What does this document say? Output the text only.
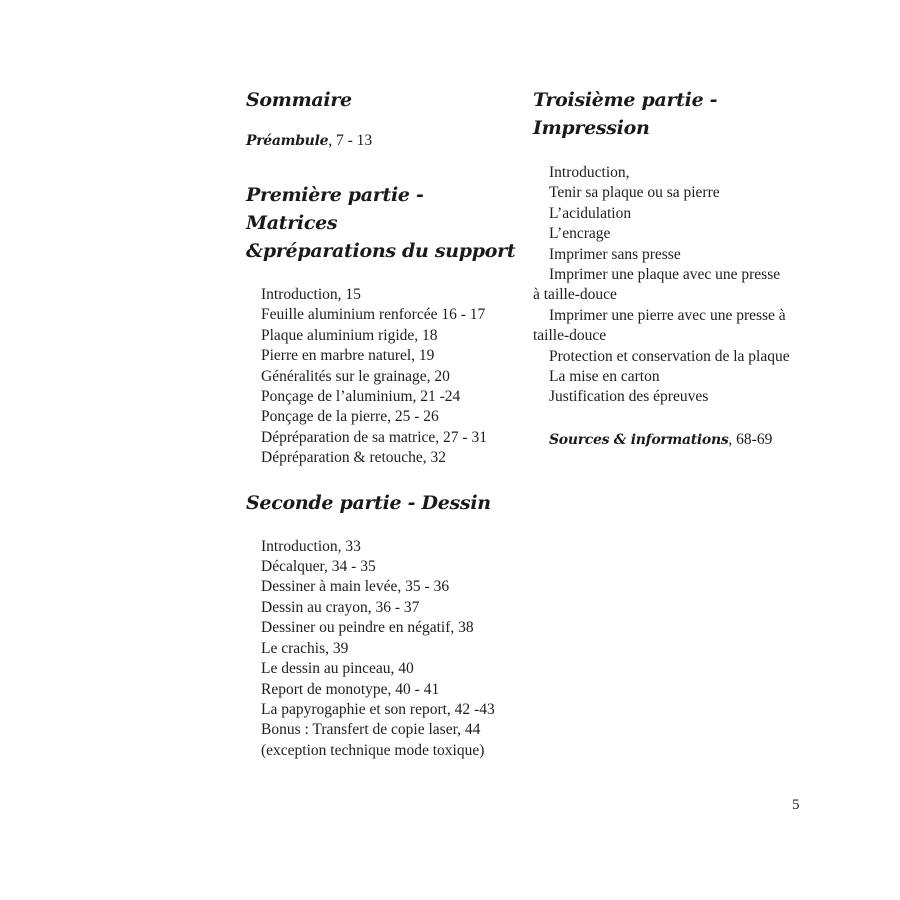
Sommaire
Préambule, 7 - 13
Première partie - Matrices
&préparations du support
Introduction, 15
Feuille aluminium renforcée 16 - 17
Plaque aluminium rigide, 18
Pierre en marbre naturel, 19
Généralités sur le grainage, 20
Ponçage de l’aluminium, 21 -24
Ponçage de la pierre, 25 - 26
Dépréparation de sa matrice, 27 - 31
Dépréparation & retouche, 32
Seconde partie - Dessin
Introduction, 33
Décalquer, 34 - 35
Dessiner à main levée, 35 - 36
Dessin au crayon, 36 - 37
Dessiner ou peindre en négatif, 38
Le crachis, 39
Le dessin au pinceau, 40
Report de monotype, 40 - 41
La papyrogaphie et son report, 42 -43
Bonus : Transfert de copie laser, 44
(exception technique mode toxique)
Troisième partie - Impression
Introduction,
Tenir sa plaque ou sa pierre
L’acidulation
L’encrage
Imprimer sans presse
Imprimer une plaque avec une presse
à taille-douce
Imprimer une pierre avec une presse à
taille-douce
Protection et conservation de la plaque
La mise en carton
Justification des épreuves
Sources & informations, 68-69
5
